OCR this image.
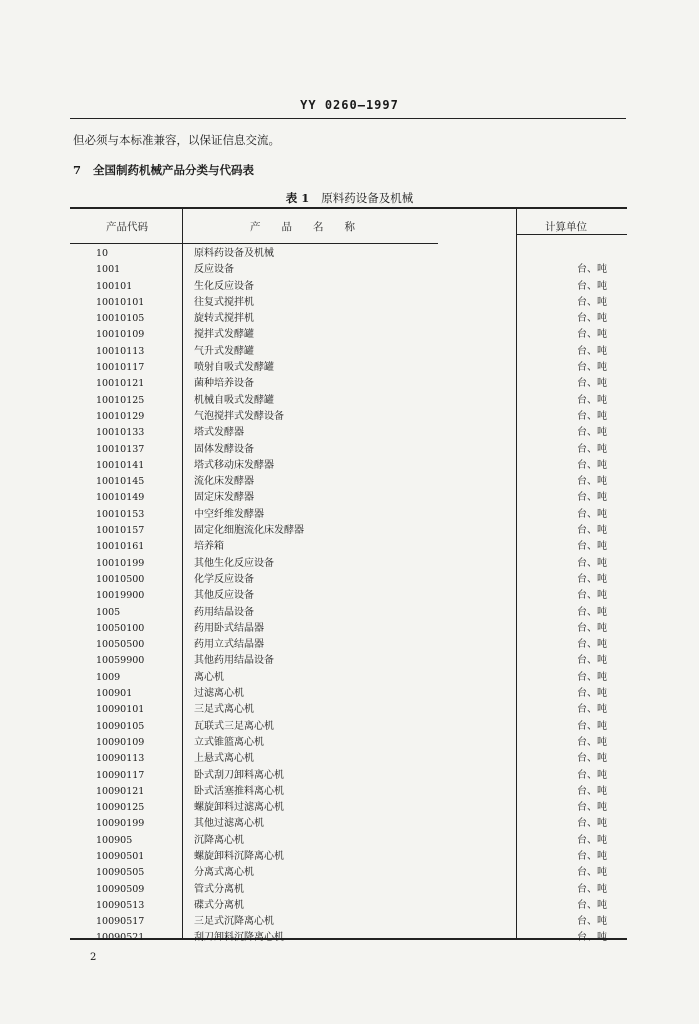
YY 0260—1997
但必须与本标准兼容，以保证信息交流。
7 全国制药机械产品分类与代码表
表 1 原料药设备及机械
产品代码	产　　品　　名　　称	计算单位
10	原料药设备及机械
1001	反应设备	台、吨
100101	生化反应设备	台、吨
10010101	往复式搅拌机	台、吨
10010105	旋转式搅拌机	台、吨
10010109	搅拌式发酵罐	台、吨
10010113	气升式发酵罐	台、吨
10010117	喷射自吸式发酵罐	台、吨
10010121	菌种培养设备	台、吨
10010125	机械自吸式发酵罐	台、吨
10010129	气泡搅拌式发酵设备	台、吨
10010133	塔式发酵器	台、吨
10010137	固体发酵设备	台、吨
10010141	塔式移动床发酵器	台、吨
10010145	流化床发酵器	台、吨
10010149	固定床发酵器	台、吨
10010153	中空纤维发酵器	台、吨
10010157	固定化细胞流化床发酵器	台、吨
10010161	培养箱	台、吨
10010199	其他生化反应设备	台、吨
10010500	化学反应设备	台、吨
10019900	其他反应设备	台、吨
1005	药用结晶设备	台、吨
10050100	药用卧式结晶器	台、吨
10050500	药用立式结晶器	台、吨
10059900	其他药用结晶设备	台、吨
1009	离心机	台、吨
100901	过滤离心机	台、吨
10090101	三足式离心机	台、吨
10090105	瓦联式三足离心机	台、吨
10090109	立式锥篮离心机	台、吨
10090113	上悬式离心机	台、吨
10090117	卧式刮刀卸料离心机	台、吨
10090121	卧式活塞推料离心机	台、吨
10090125	螺旋卸料过滤离心机	台、吨
10090199	其他过滤离心机	台、吨
100905	沉降离心机	台、吨
10090501	螺旋卸料沉降离心机	台、吨
10090505	分离式离心机	台、吨
10090509	管式分离机	台、吨
10090513	碟式分离机	台、吨
10090517	三足式沉降离心机	台、吨
10090521	刮刀卸料沉降离心机	台、吨
2
